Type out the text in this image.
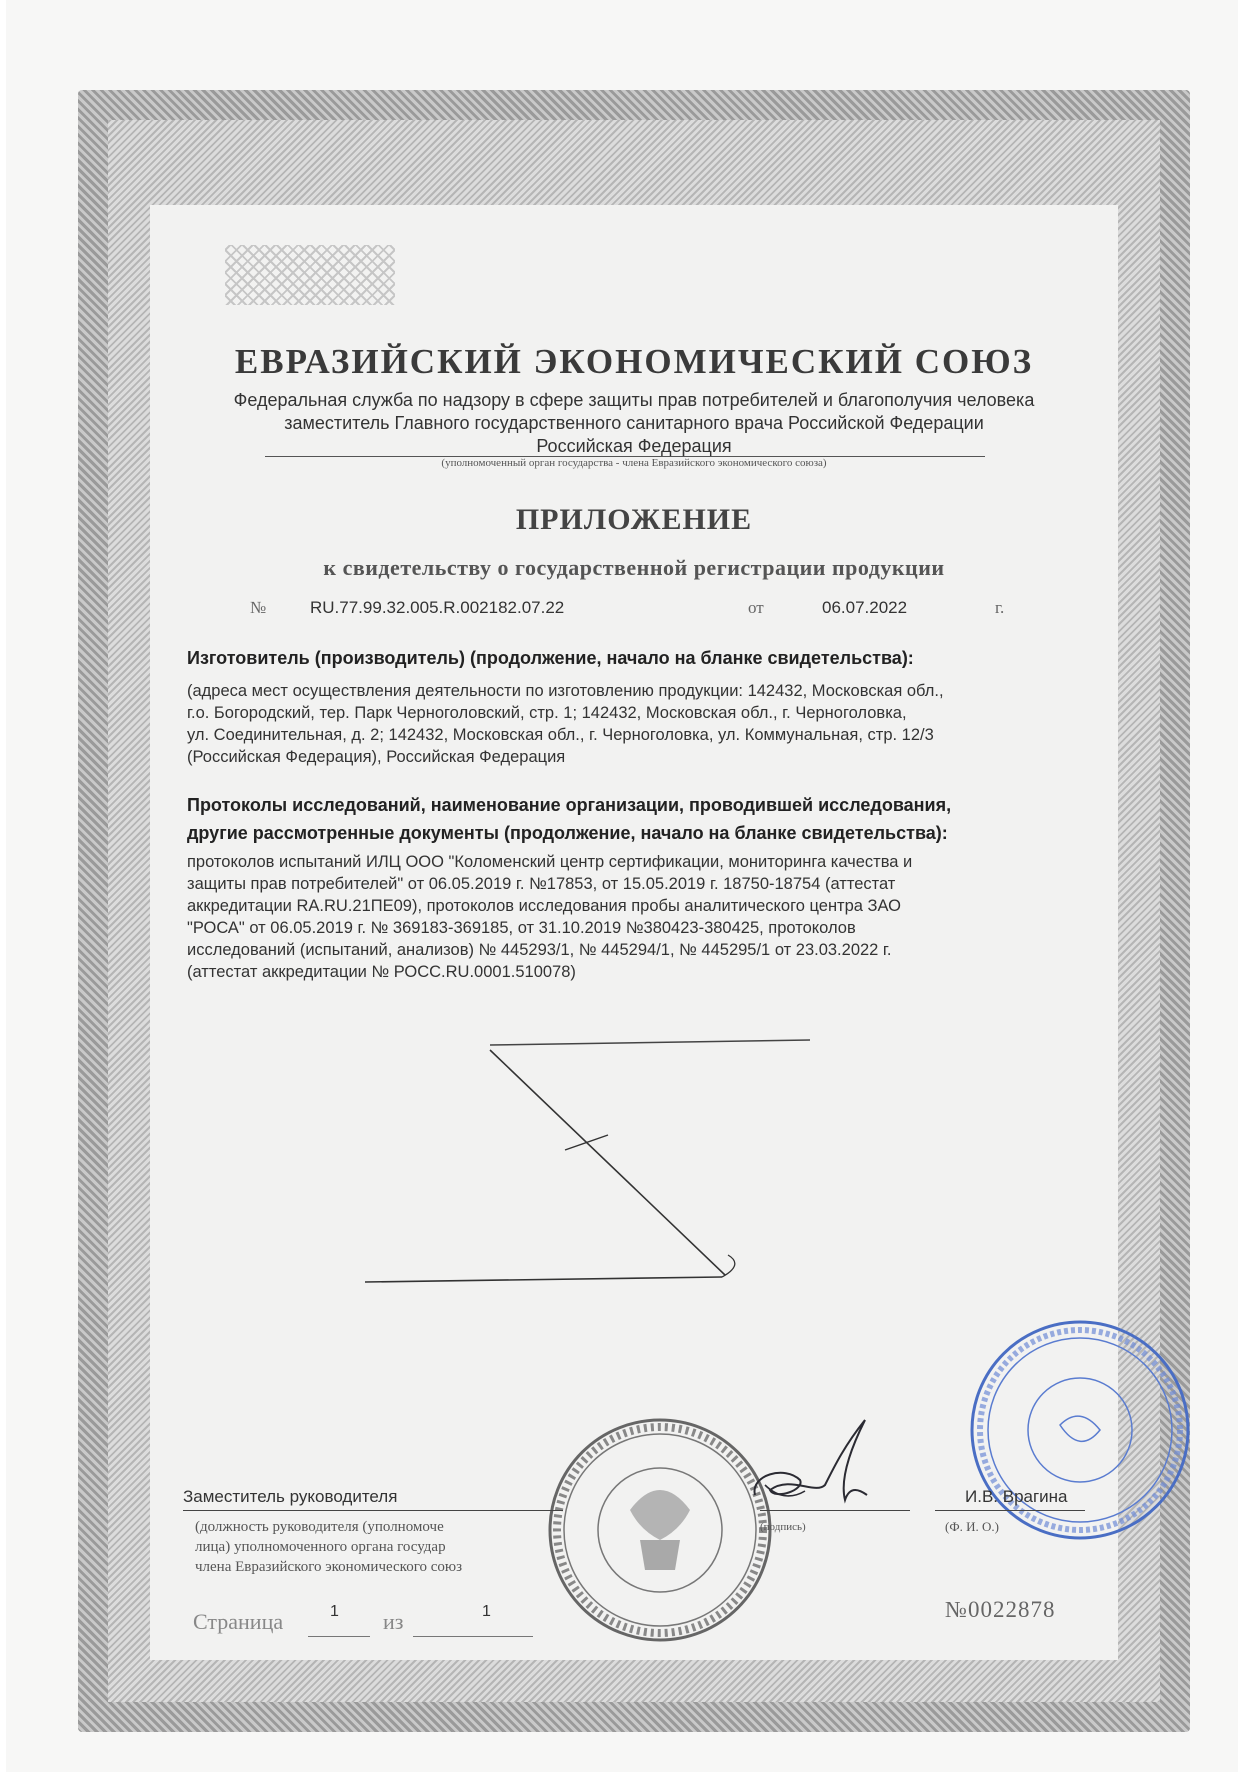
ЕВРАЗИЙСКИЙ ЭКОНОМИЧЕСКИЙ СОЮЗ
Федеральная служба по надзору в сфере защиты прав потребителей и благополучия человека
заместитель Главного государственного санитарного врача Российской Федерации
Российская Федерация
(уполномоченный орган государства - члена Евразийского экономического союза)
ПРИЛОЖЕНИЕ
к свидетельству о государственной регистрации продукции
№	RU.77.99.32.005.R.002182.07.22	от	06.07.2022	г.
Изготовитель (производитель) (продолжение, начало на бланке свидетельства):
(адреса мест осуществления деятельности по изготовлению продукции: 142432, Московская обл.,
г.о. Богородский, тер. Парк Черноголовский, стр. 1; 142432, Московская обл., г. Черноголовка,
ул. Соединительная, д. 2; 142432, Московская обл., г. Черноголовка, ул. Коммунальная, стр. 12/3
(Российская Федерация), Российская Федерация
Протоколы исследований, наименование организации, проводившей исследования,
другие рассмотренные документы (продолжение, начало на бланке свидетельства):
протоколов испытаний ИЛЦ ООО "Коломенский центр сертификации, мониторинга качества и
защиты прав потребителей" от 06.05.2019 г. №17853, от 15.05.2019 г. 18750-18754 (аттестат
аккредитации RA.RU.21ПЕ09), протоколов исследования пробы аналитического центра ЗАО
"РОСА" от 06.05.2019 г. № 369183-369185, от 31.10.2019 №380423-380425, протоколов
исследований (испытаний, анализов) № 445293/1, № 445294/1, № 445295/1 от 23.03.2022 г.
(аттестат аккредитации № РОСС.RU.0001.510078)
Заместитель руководителя	И.В. Врагина
(должность руководителя (уполномоче
лица) уполномоченного органа государ
члена Евразийского экономического союз
(подпись)	(Ф. И. О.)
Страница	1 из	1	№0022878
